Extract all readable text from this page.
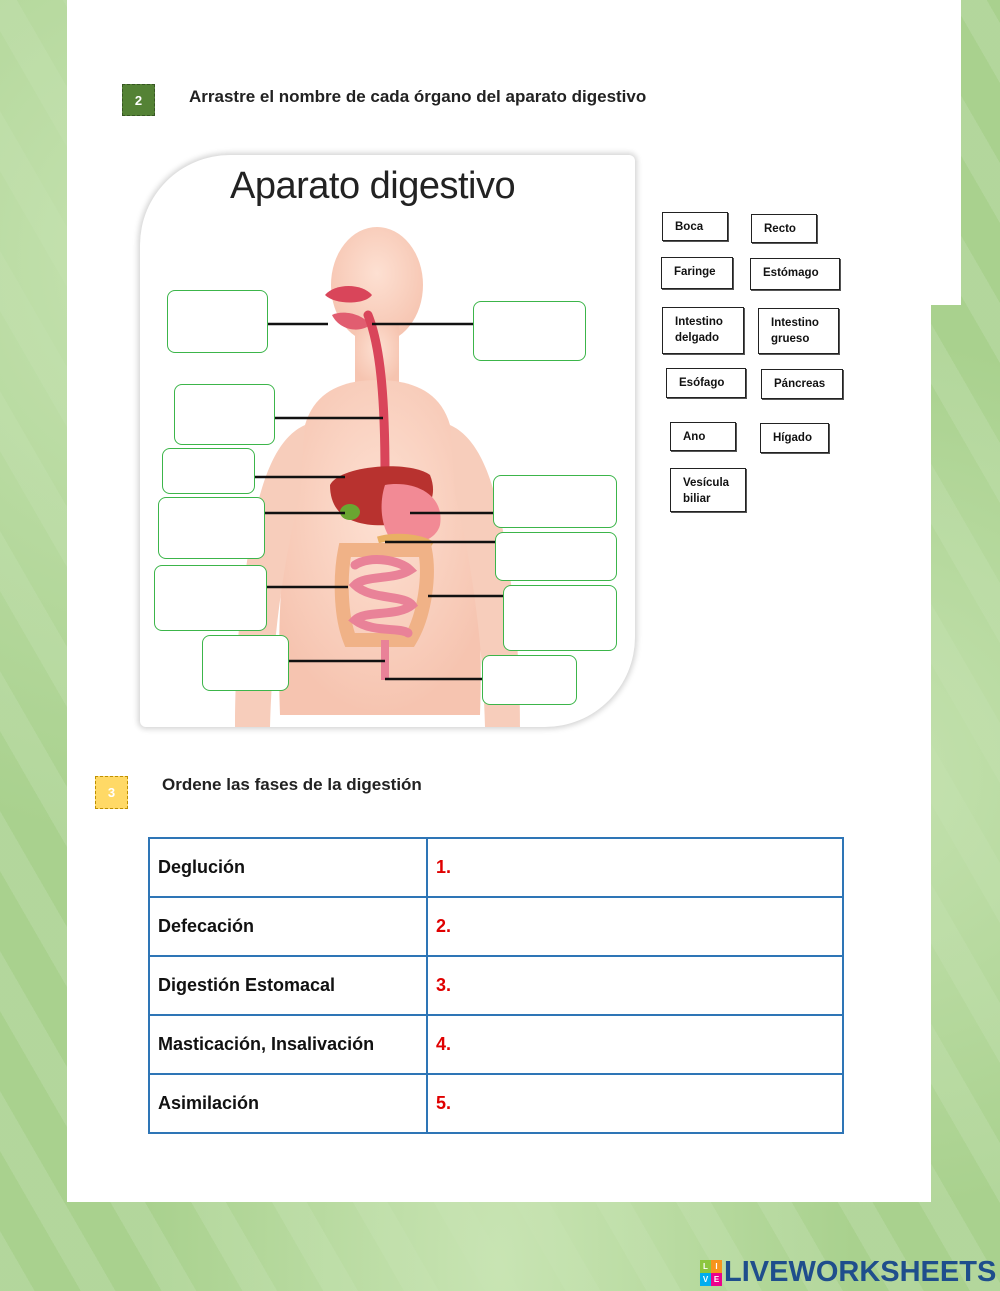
2	Arrastre el nombre de cada órgano del aparato digestivo
Aparato digestivo
Boca	Recto
Faringe	Estómago
Intestino delgado
Intestino grueso
Esófago	Páncreas
Ano	Hígado
Vesícula biliar
3	Ordene las fases de la digestión
Deglución	1.
Defecación	2.
Digestión Estomacal	3.
Masticación, Insalivación	4.
Asimilación	5.
L I
V E LIVEWORKSHEETS
